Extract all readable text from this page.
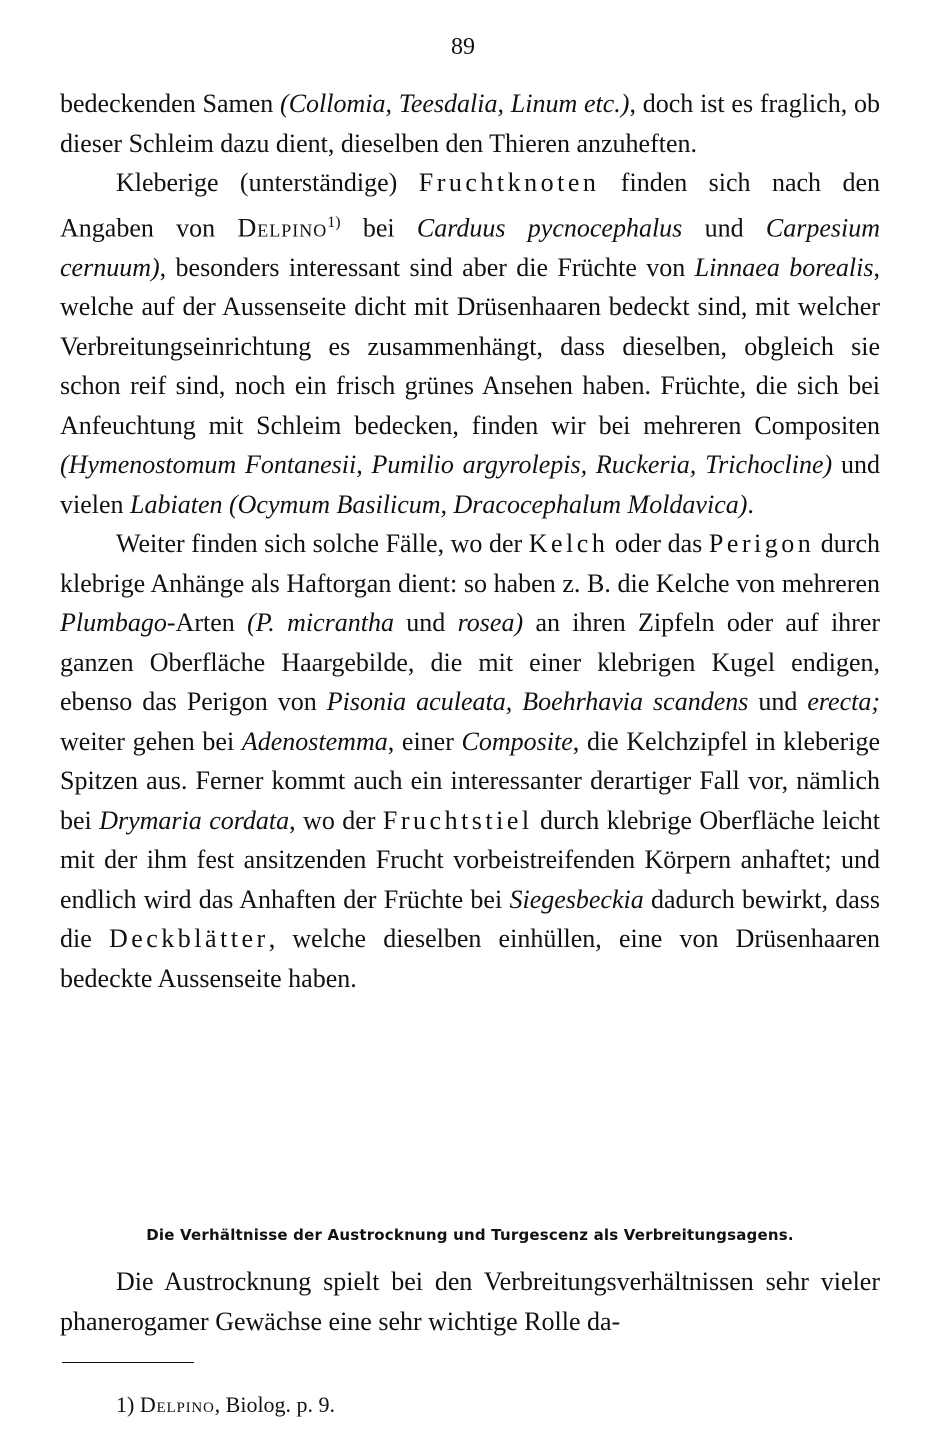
89

bedeckenden Samen (Collomia, Teesdalia, Linum etc.), doch ist es fraglich, ob dieser Schleim dazu dient, dieselben den Thieren anzuheften.

Kleberige (unterständige) Fruchtknoten finden sich nach den Angaben von Delpino$^{1)}$ bei Carduus pycnocephalus und Carpesium cernuum), besonders interessant sind aber die Früchte von Linnaea borealis, welche auf der Aussenseite dicht mit Drüsenhaaren bedeckt sind, mit welcher Verbreitungseinrichtung es zusammenhängt, dass dieselben, obgleich sie schon reif sind, noch ein frisch grünes Ansehen haben. Früchte, die sich bei Anfeuchtung mit Schleim bedecken, finden wir bei mehreren Compositen (Hymenostomum Fontanesii, Pumilio argyrolepis, Ruckeria, Trichocline) und vielen Labiaten (Ocymum Basilicum, Dracocephalum Moldavica).

Weiter finden sich solche Fälle, wo der Kelch oder das Perigon durch klebrige Anhänge als Haftorgan dient: so haben z. B. die Kelche von mehreren Plumbago-Arten (P. micrantha und rosea) an ihren Zipfeln oder auf ihrer ganzen Oberfläche Haargebilde, die mit einer klebrigen Kugel endigen, ebenso das Perigon von Pisonia aculeata, Boehrhavia scandens und erecta; weiter gehen bei Adenostemma, einer Composite, die Kelchzipfel in kleberige Spitzen aus. Ferner kommt auch ein interessanter derartiger Fall vor, nämlich bei Drymaria cordata, wo der Fruchtstiel durch klebrige Oberfläche leicht mit der ihm fest ansitzenden Frucht vorbeistreifenden Körpern anhaftet; und endlich wird das Anhaften der Früchte bei Siegesbeckia dadurch bewirkt, dass die Deckblätter, welche dieselben einhüllen, eine von Drüsenhaaren bedeckte Aussenseite haben.

Die Verhältnisse der Austrocknung und Turgescenz als Verbreitungsagens.

Die Austrocknung spielt bei den Verbreitungsverhältnissen sehr vieler phanerogamer Gewächse eine sehr wichtige Rolle da-

1) Delpino, Biolog. p. 9.
